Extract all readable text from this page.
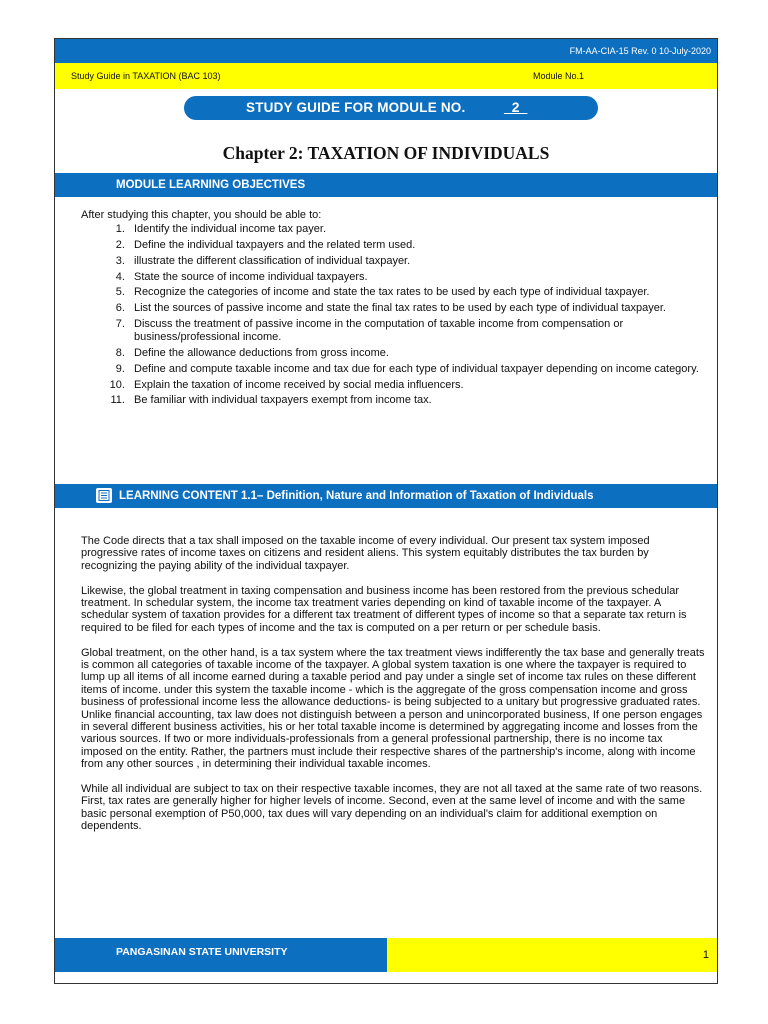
FM-AA-CIA-15 Rev. 0 10-July-2020
Study Guide in TAXATION (BAC 103)	Module No.1
STUDY GUIDE FOR MODULE NO.	_2_
Chapter 2: TAXATION OF INDIVIDUALS
MODULE LEARNING OBJECTIVES
After studying this chapter, you should be able to:
1. Identify the individual income tax payer.
2. Define the individual taxpayers and the related term used.
3. illustrate the different classification of individual taxpayer.
4. State the source of income individual taxpayers.
5. Recognize the categories of income and state the tax rates to be used by each type of individual taxpayer.
6. List the sources of passive income and state the final tax rates to be used by each type of individual taxpayer.
7. Discuss the treatment of passive income in the computation of taxable income from compensation or business/professional income.
8. Define the allowance deductions from gross income.
9. Define and compute taxable income and tax due for each type of individual taxpayer depending on income category.
10. Explain the taxation of income received by social media influencers.
11. Be familiar with individual taxpayers exempt from income tax.
LEARNING CONTENT 1.1– Definition, Nature and Information of Taxation of Individuals

The Code directs that a tax shall imposed on the taxable income of every individual. Our present tax system imposed progressive rates of income taxes on citizens and resident aliens. This system equitably distributes the tax burden by recognizing the paying ability of the individual taxpayer.

Likewise, the global treatment in taxing compensation and business income has been restored from the previous schedular treatment. In schedular system, the income tax treatment varies depending on kind of taxable income of the taxpayer. A schedular system of taxation provides for a different tax treatment of different types of income so that a separate tax return is required to be filed for each types of income and the tax is computed on a per return or per schedule basis.

Global treatment, on the other hand, is a tax system where the tax treatment views indifferently the tax base and generally treats is common all categories of taxable income of the taxpayer. A global system taxation is one where the taxpayer is required to lump up all items of all income earned during a taxable period and pay under a single set of income tax rules on these different items of income. under this system the taxable income - which is the aggregate of the gross compensation income and gross business of professional income less the allowance deductions- is being subjected to a unitary but progressive graduated rates. Unlike financial accounting, tax law does not distinguish between a person and unincorporated business, If one person engages in several different business activities, his or her total taxable income is determined by aggregating income and losses from the various sources. If two or more individuals-professionals from a general professional partnership, there is no income tax imposed on the entity. Rather, the partners must include their respective shares of the partnership's income, along with income from any other sources , in determining their individual taxable incomes.

While all individual are subject to tax on their respective taxable incomes, they are not all taxed at the same rate of two reasons. First, tax rates are generally higher for higher levels of income. Second, even at the same level of income and with the same basic personal exemption of P50,000, tax dues will vary depending on an individual's claim for additional exemption on dependents.

PANGASINAN STATE UNIVERSITY	1
